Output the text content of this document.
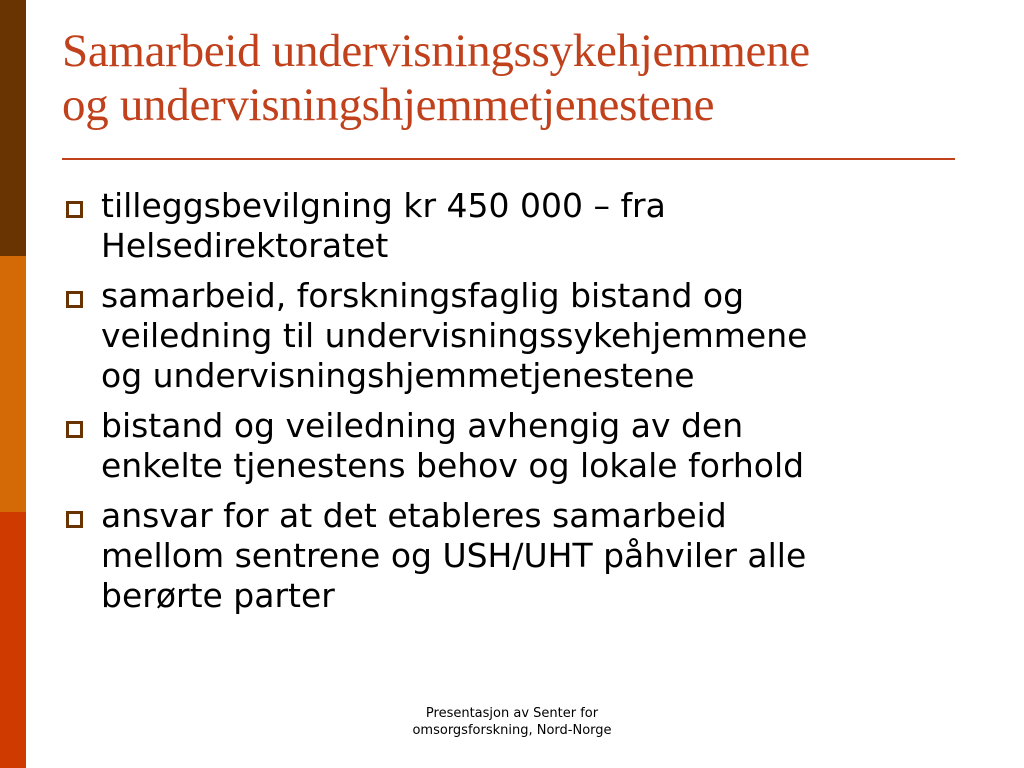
Samarbeid undervisningssykehjemmene
og undervisningshjemmetjenestene
tilleggsbevilgning kr 450 000 – fra
Helsedirektoratet
samarbeid, forskningsfaglig bistand og
veiledning til undervisningssykehjemmene
og undervisningshjemmetjenestene
bistand og veiledning avhengig av den
enkelte tjenestens behov og lokale forhold
ansvar for at det etableres samarbeid
mellom sentrene og USH/UHT påhviler alle
berørte parter
Presentasjon av Senter for
omsorgsforskning, Nord-Norge
